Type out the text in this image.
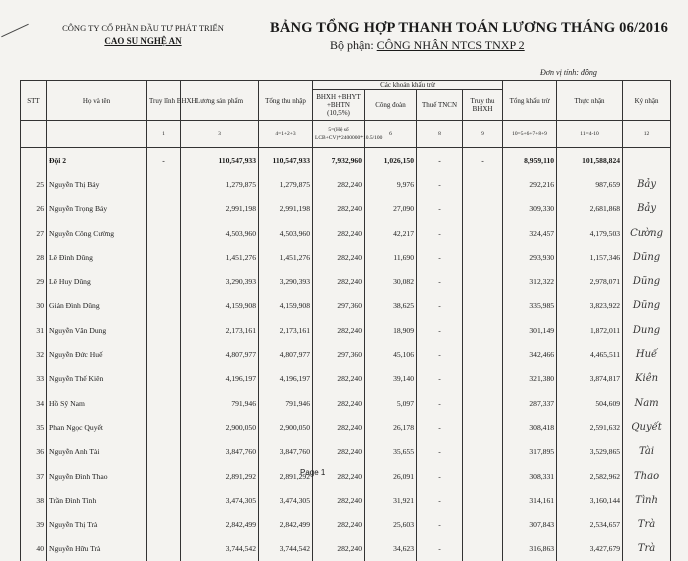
CÔNG TY CỔ PHẦN ĐẦU TƯ PHÁT TRIỂN
CAO SU NGHỆ AN
BẢNG TỔNG HỢP THANH TOÁN LƯƠNG THÁNG 06/2016
Bộ phận: CÔNG NHÂN NTCS TNXP 2
Đơn vị tính: đồng
STT	Họ và tên	Truy lĩnh BHXH	Lương sản phẩm	Tổng thu nhập	Các khoản khấu trừ				Tổng khấu trừ	Thực nhận	Ký nhận
					BHXH +BHYT +BHTN (10,5%)	Công đoàn	Thuế TNCN	Truy thu BHXH			
		1	3	4=1+2+3	5=(Hệ số LCB+CV)*2400000*10.5/100	6	8	9	10=5+6+7+8+9	11=4-10	12
	Đội 2	-	110,547,933	110,547,933	7,932,960	1,026,150	-	-	8,959,110	101,588,824	
25	Nguyễn Thị Bảy		1,279,875	1,279,875	282,240	9,976	-		292,216	987,659	Bảy
26	Nguyễn Trọng Bảy		2,991,198	2,991,198	282,240	27,090	-		309,330	2,681,868	Bảy
27	Nguyễn Công Cường		4,503,960	4,503,960	282,240	42,217	-		324,457	4,179,503	Cường
28	Lê Đình Dũng		1,451,276	1,451,276	282,240	11,690	-		293,930	1,157,346	Dũng
29	Lê Huy Dũng		3,290,393	3,290,393	282,240	30,082	-		312,322	2,978,071	Dũng
30	Giản Đình Dũng		4,159,908	4,159,908	297,360	38,625	-		335,985	3,823,922	Dũng
31	Nguyễn Văn Dung		2,173,161	2,173,161	282,240	18,909	-		301,149	1,872,011	Dung
32	Nguyễn Đức Huế		4,807,977	4,807,977	297,360	45,106	-		342,466	4,465,511	Huế
33	Nguyễn Thế Kiên		4,196,197	4,196,197	282,240	39,140	-		321,380	3,874,817	Kiên
34	Hồ Sỹ Nam		791,946	791,946	282,240	5,097	-		287,337	504,609	Nam
35	Phan Ngọc Quyết		2,900,050	2,900,050	282,240	26,178	-		308,418	2,591,632	Quyết
36	Nguyễn Anh Tài		3,847,760	3,847,760	282,240	35,655	-		317,895	3,529,865	Tài
37	Nguyễn Đình Thao		2,891,292	2,891,292	282,240	26,091	-		308,331	2,582,962	Thao
38	Trần Đình Tình		3,474,305	3,474,305	282,240	31,921	-		314,161	3,160,144	Tình
39	Nguyễn Thị Trà		2,842,499	2,842,499	282,240	25,603	-		307,843	2,534,657	Trà
40	Nguyễn Hữu Trà		3,744,542	3,744,542	282,240	34,623	-		316,863	3,427,679	Trà
Page 1
